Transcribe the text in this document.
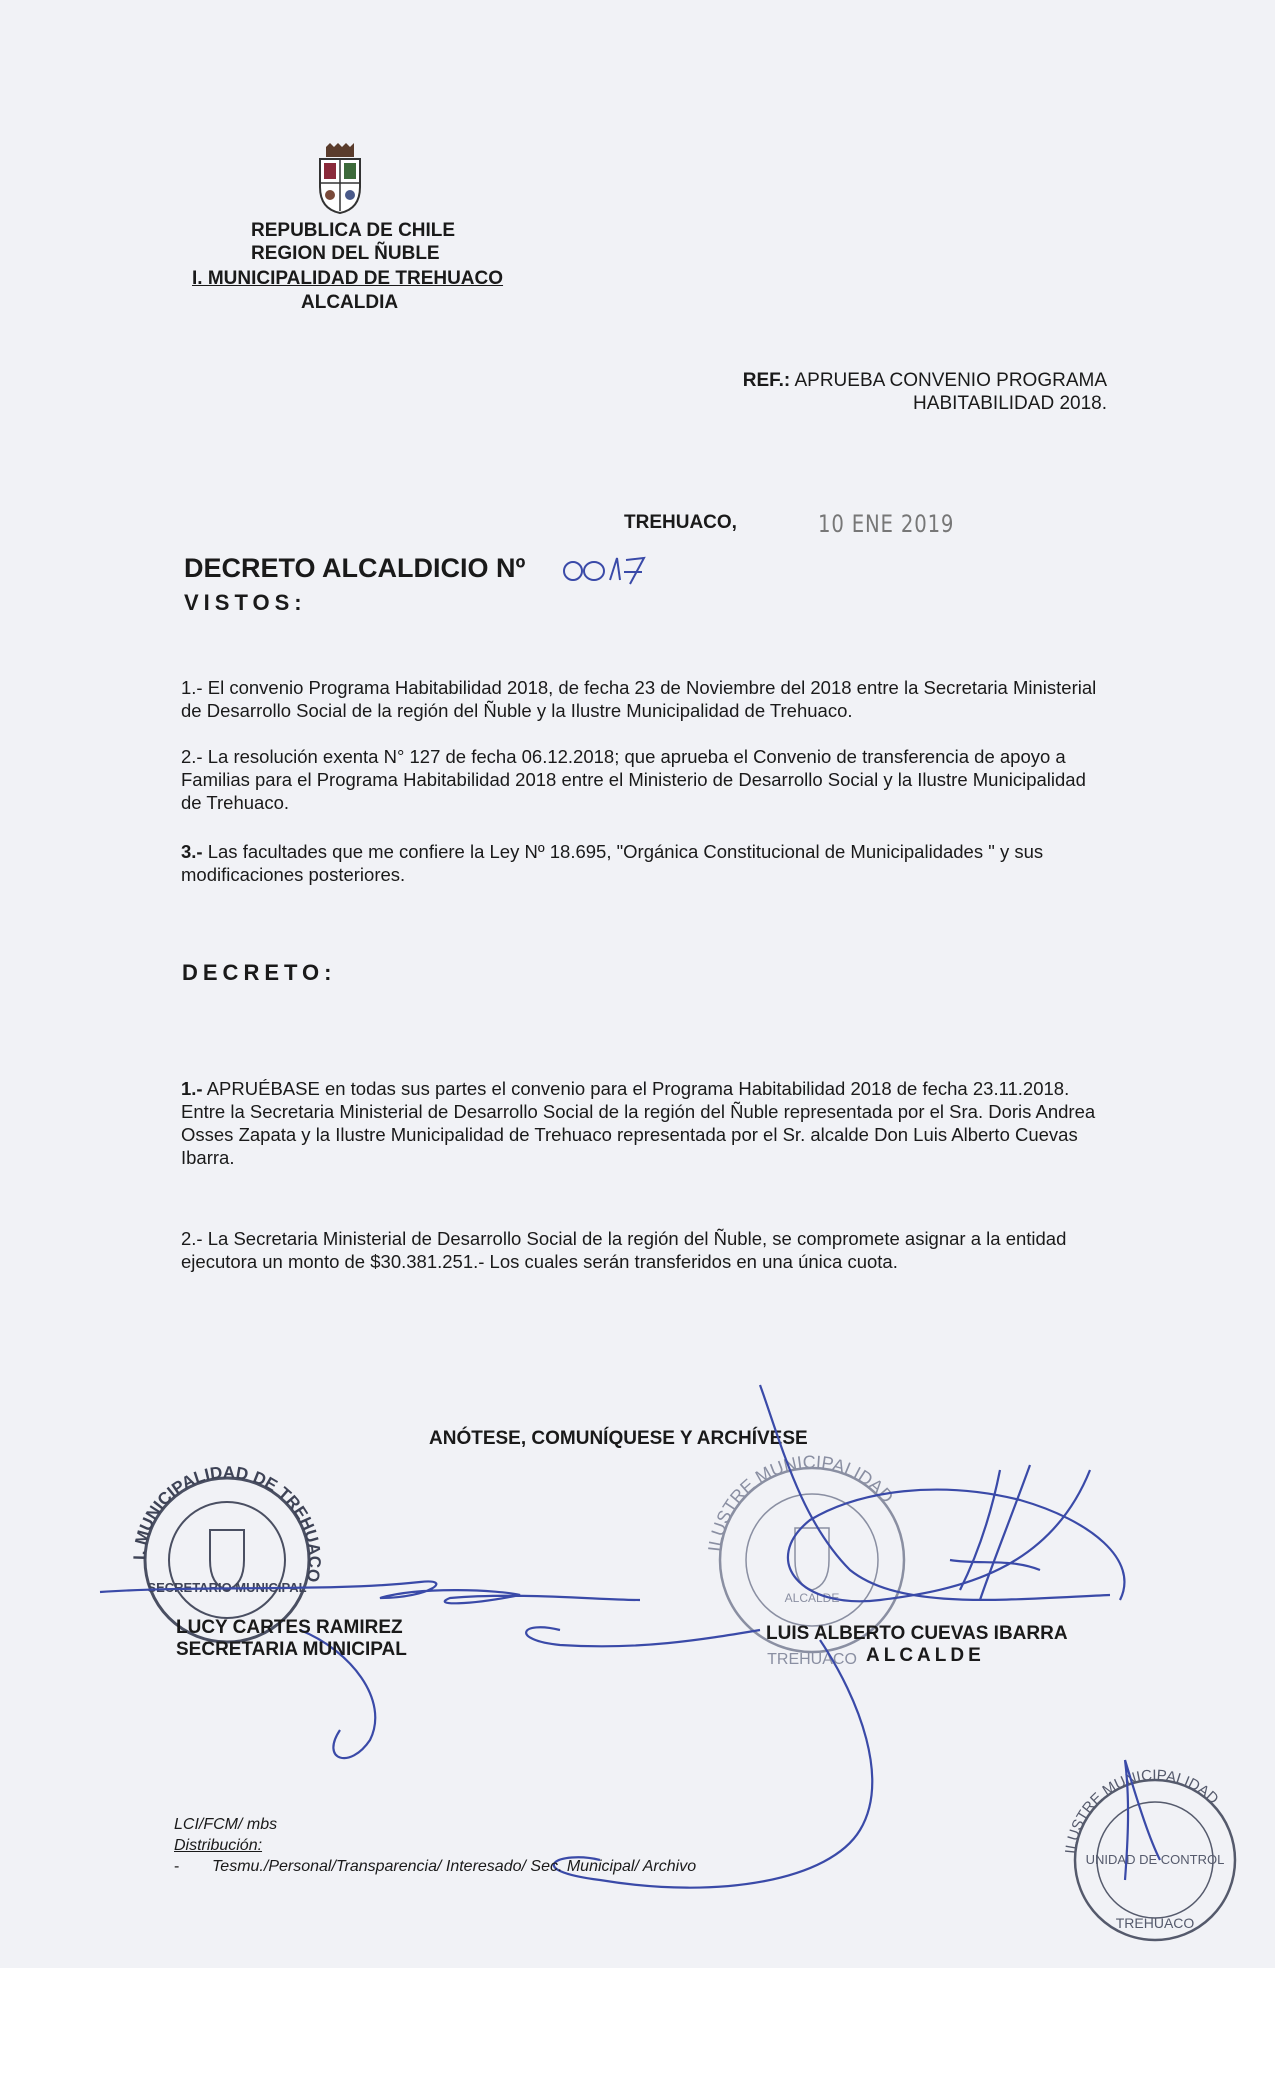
REPUBLICA DE CHILE
REGION DEL ÑUBLE
I. MUNICIPALIDAD DE TREHUACO
ALCALDIA
REF.: APRUEBA CONVENIO PROGRAMA
HABITABILIDAD 2018.
TREHUACO,	10 ENE 2019
DECRETO ALCALDICIO Nº
VISTOS:
1.- El convenio Programa Habitabilidad 2018, de fecha 23 de Noviembre del 2018 entre la Secretaria Ministerial de Desarrollo Social de la región del Ñuble y la Ilustre Municipalidad de Trehuaco.
2.- La resolución exenta N° 127 de fecha 06.12.2018; que aprueba el Convenio de transferencia de apoyo a Familias para el Programa Habitabilidad 2018 entre el Ministerio de Desarrollo Social y la Ilustre Municipalidad de Trehuaco.
3.- Las facultades que me confiere la Ley Nº 18.695, "Orgánica Constitucional de Municipalidades " y sus modificaciones posteriores.
DECRETO:
1.- APRUÉBASE en todas sus partes el convenio para el Programa Habitabilidad 2018 de fecha 23.11.2018. Entre la Secretaria Ministerial de Desarrollo Social de la región del Ñuble representada por el Sra. Doris Andrea Osses Zapata y la Ilustre Municipalidad de Trehuaco representada por el Sr. alcalde Don Luis Alberto Cuevas Ibarra.
2.- La Secretaria Ministerial de Desarrollo Social de la región del Ñuble, se compromete asignar a la entidad ejecutora un monto de $30.381.251.- Los cuales serán transferidos en una única cuota.
ANÓTESE, COMUNÍQUESE Y ARCHÍVESE
I. MUNICIPALIDAD DE TREHUACO
SECRETARIO MUNICIPAL
ILUSTRE MUNICIPALIDAD
ALCALDE
TREHUACO
ILUSTRE MUNICIPALIDAD
UNIDAD DE CONTROL
TREHUACO
LUCY CARTES RAMIREZ
SECRETARIA MUNICIPAL
LUIS ALBERTO CUEVAS IBARRA
ALCALDE
LCI/FCM/ mbs
Distribución:
- Tesmu./Personal/Transparencia/ Interesado/ Sec. Municipal/ Archivo
